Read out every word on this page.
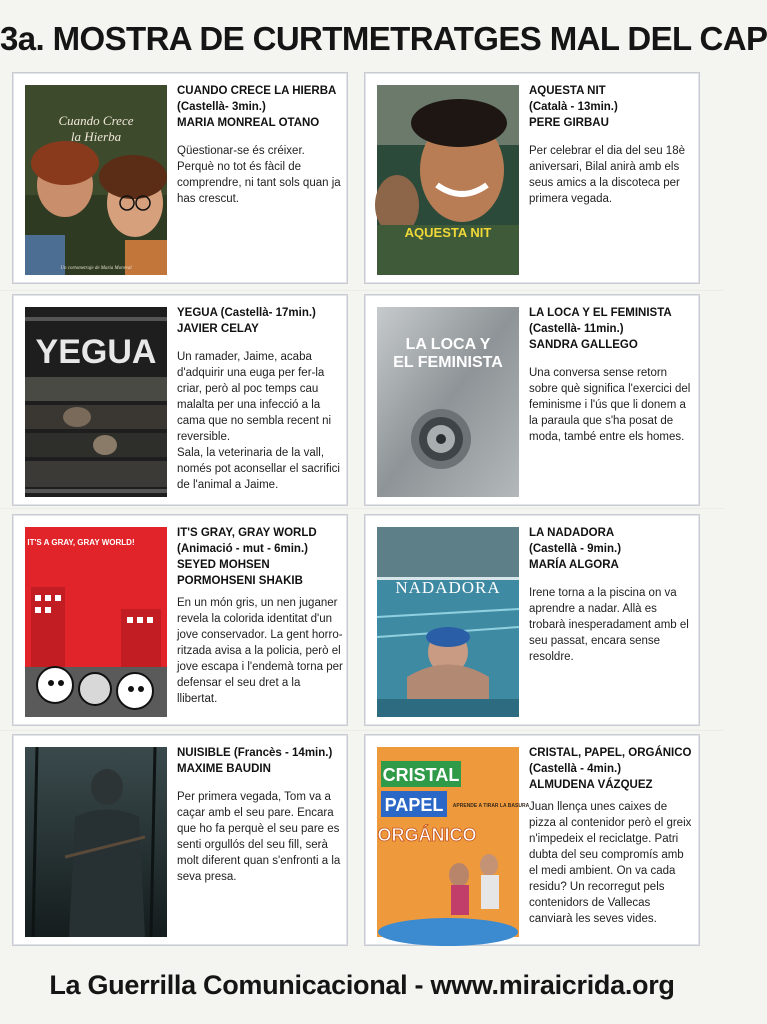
3a. MOSTRA DE CURTMETRATGES MAL DEL CAP
Cuando Crece
la Hierba
Un cortometraje de Maria Monreal
CUANDO CRECE LA HIERBA
(Castellà- 3min.)
MARIA MONREAL OTANO
Qüestionar-se és créixer. Perquè no tot és fàcil de comprendre, ni tant sols quan ja has crescut.
AQUESTA NIT
AQUESTA NIT
(Català - 13min.)
PERE GIRBAU
Per celebrar el dia del seu 18è aniversari, Bilal anirà amb els seus amics a la discoteca per primera vegada.
YEGUA
YEGUA (Castellà- 17min.)
JAVIER CELAY
Un ramader, Jaime, acaba d'adquirir una euga per fer-la criar, però al poc temps cau malalta per una infecció a la cama que no sembla recent ni reversible.
Sala, la veterinaria de la vall, només pot aconsellar el sacrifici de l'animal a Jaime.
LA LOCA Y
EL FEMINISTA
LA LOCA Y EL FEMINISTA
(Castellà- 11min.)
SANDRA GALLEGO
Una conversa sense retorn sobre què significa l'exercici del feminisme i l'ús que li donem a la paraula que s'ha posat de moda, també entre els homes.
IT'S A GRAY, GRAY WORLD!
IT'S GRAY, GRAY WORLD
(Animació - mut - 6min.)
SEYED MOHSEN
POR​MOHSENI SHAKIB
En un món gris, un nen juganer revela la colorida identitat d'un jove conservador. La gent horro-ritzada avisa a la policia, però el jove escapa i l'endemà torna per defensar el seu dret a la llibertat.
NADADORA
LA NADADORA
(Castellà - 9min.)
MARÍA ALGORA
Irene torna a la piscina on va aprendre a nadar. Allà es trobarà inesperadament amb el seu passat, encara sense resoldre.
NUISIBLE (Francès - 14min.)
MAXIME BAUDIN
Per primera vegada, Tom va a caçar amb el seu pare. Encara que ho fa perquè el seu pare es senti orgullós del seu fill, serà molt diferent quan s'enfronti a la seva presa.
CRISTAL
PAPEL
ORGÁNICO
APRENDE A TIRAR LA BASURA
CRISTAL, PAPEL, ORGÁNICO
(Castellà - 4min.)
ALMUDENA VÁZQUEZ
Juan llença unes caixes de pizza al contenidor però el greix n'impedeix el reciclatge. Patri dubta del seu compromís amb el medi ambient. On va cada residu? Un recorregut pels contenidors de Vallecas canviarà les seves vides.
La Guerrilla Comunicacional - www.miraicrida.org
